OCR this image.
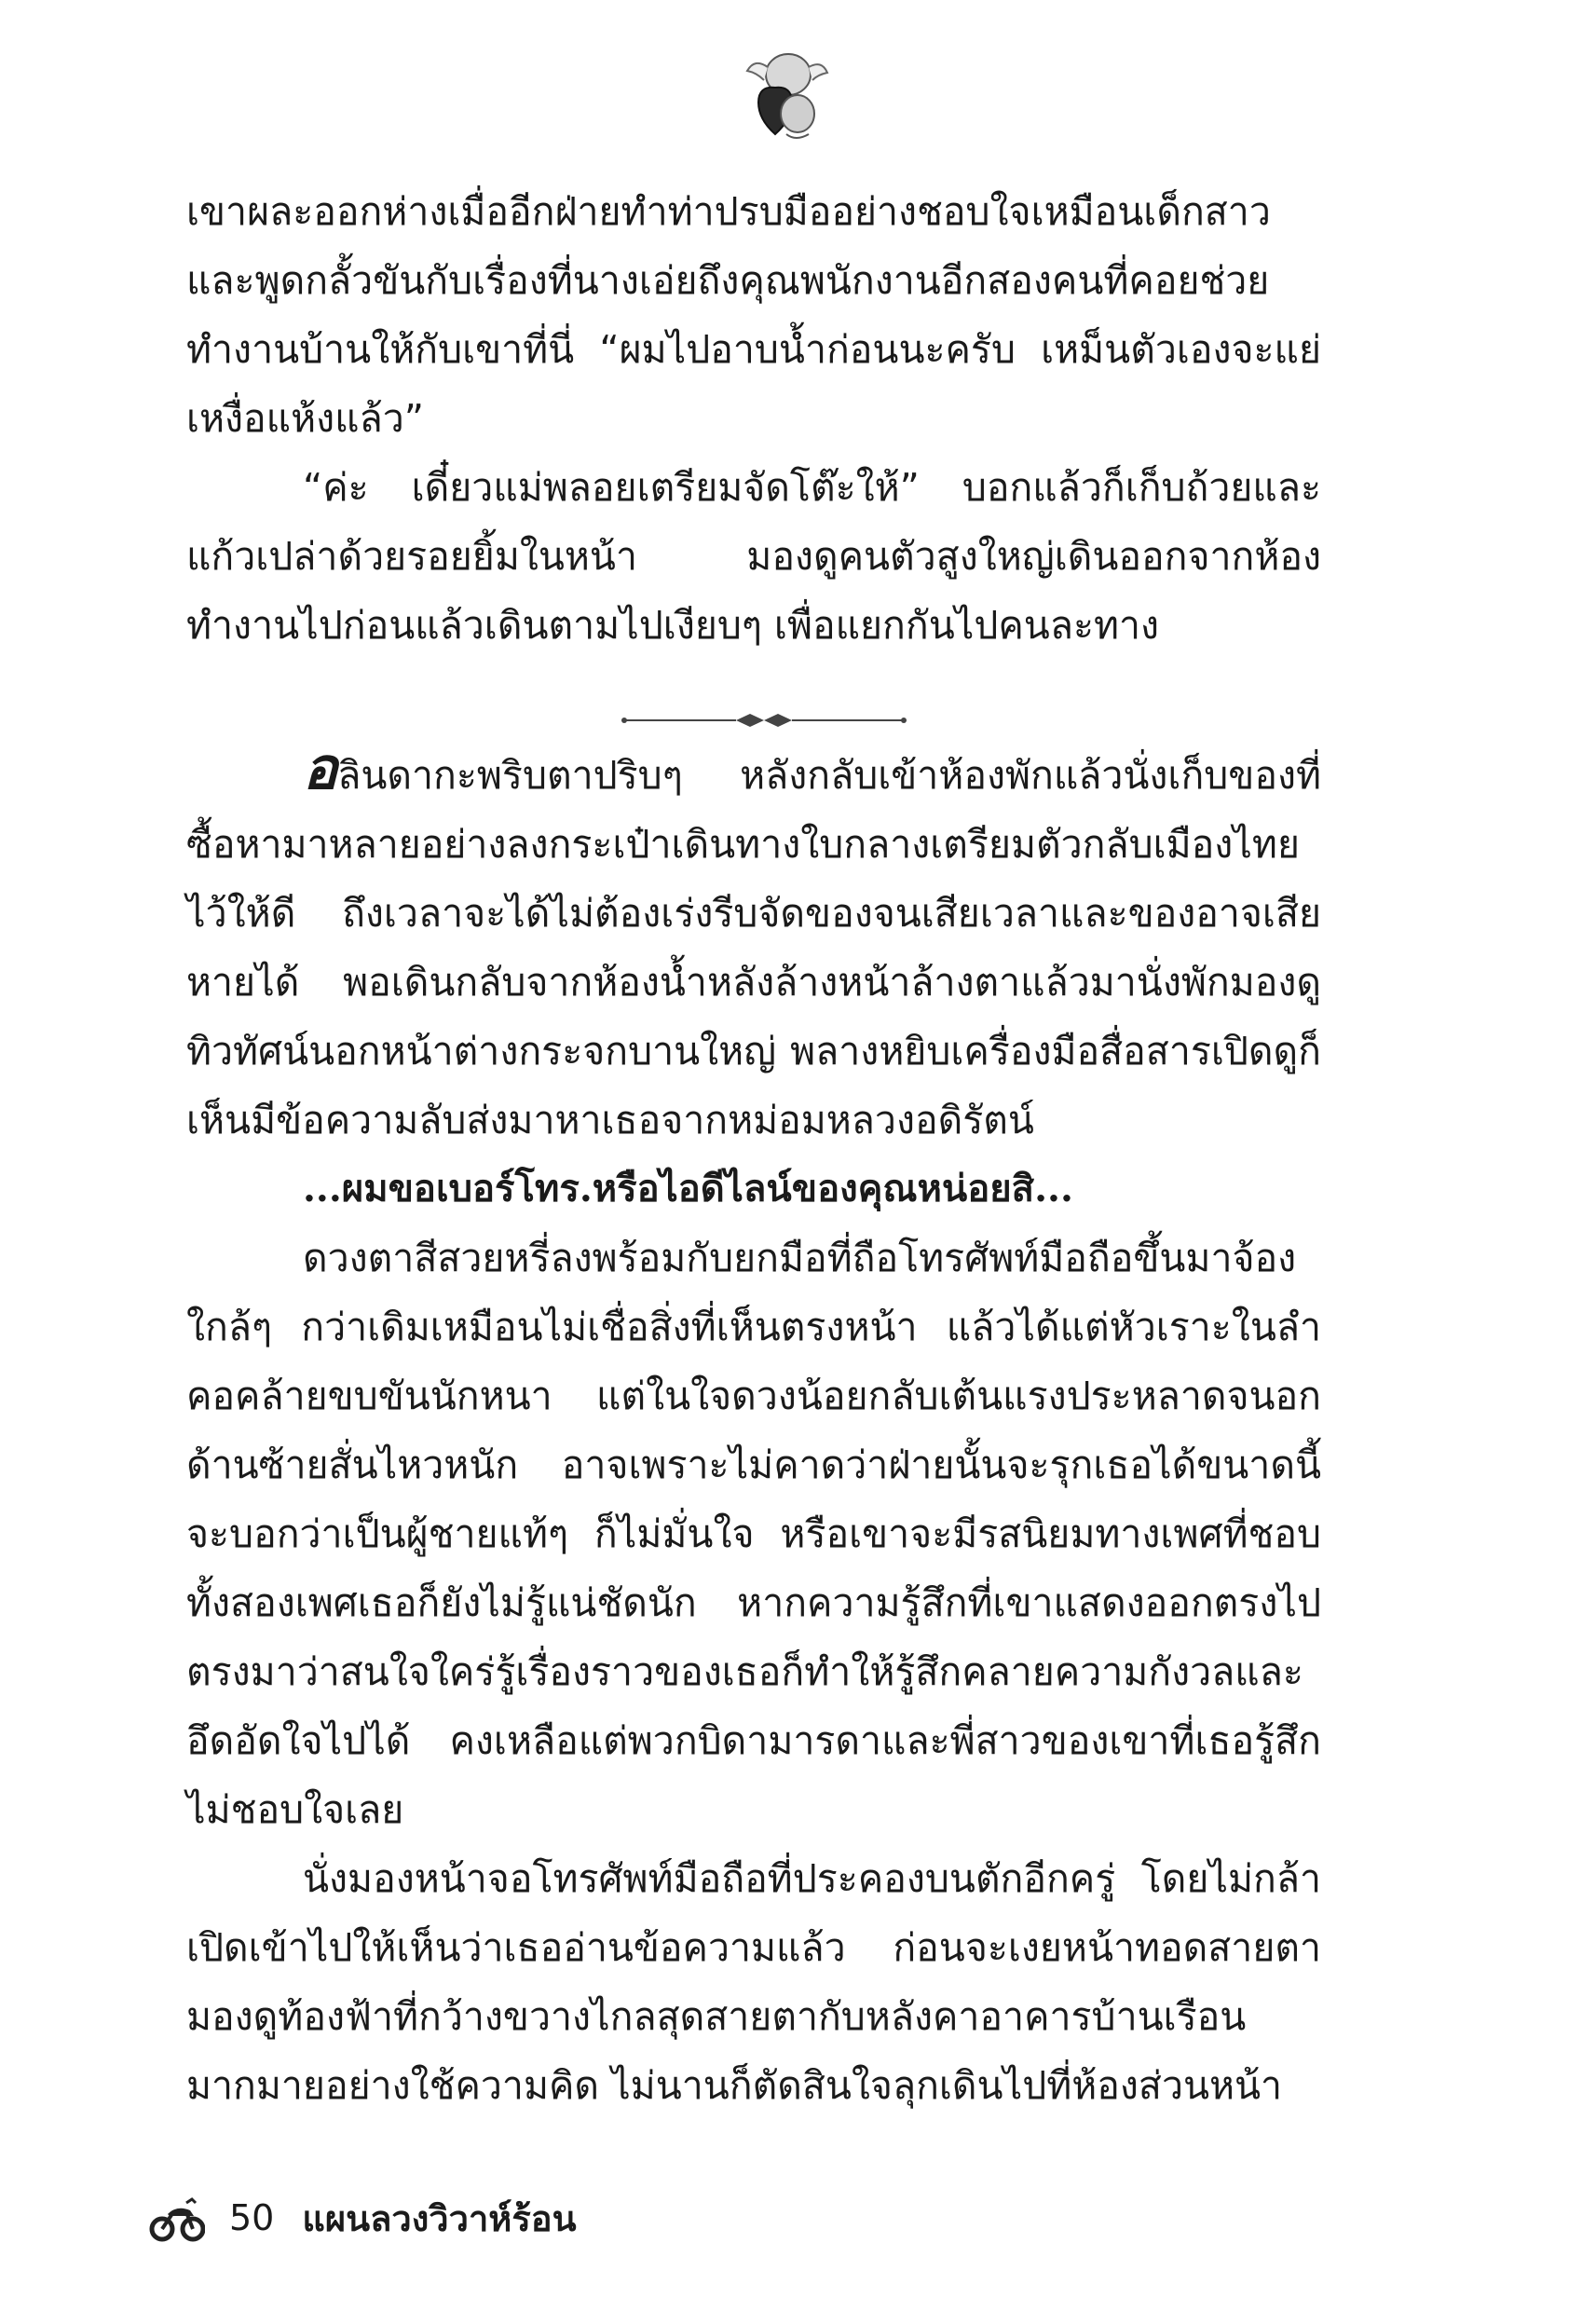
เขาผละออกห่างเมื่ออีกฝ่ายทำท่าปรบมืออย่างชอบใจเหมือนเด็กสาวและพูดกลั้วขันกับเรื่องที่นางเอ่ยถึงคุณพนักงานอีกสองคนที่คอยช่วยทำงานบ้านให้กับเขาที่นี่ “ผมไปอาบน้ำก่อนนะครับ เหม็นตัวเองจะแย่เหงื่อแห้งแล้ว”

“ค่ะ เดี๋ยวแม่พลอยเตรียมจัดโต๊ะให้” บอกแล้วก็เก็บถ้วยและแก้วเปล่าด้วยรอยยิ้มในหน้า มองดูคนตัวสูงใหญ่เดินออกจากห้องทำงานไปก่อนแล้วเดินตามไปเงียบๆ เพื่อแยกกันไปคนละทาง

อลินดากะพริบตาปริบๆ หลังกลับเข้าห้องพักแล้วนั่งเก็บของที่ซื้อหามาหลายอย่างลงกระเป๋าเดินทางใบกลางเตรียมตัวกลับเมืองไทยไว้ให้ดี ถึงเวลาจะได้ไม่ต้องเร่งรีบจัดของจนเสียเวลาและของอาจเสียหายได้ พอเดินกลับจากห้องน้ำหลังล้างหน้าล้างตาแล้วมานั่งพักมองดูทิวทัศน์นอกหน้าต่างกระจกบานใหญ่ พลางหยิบเครื่องมือสื่อสารเปิดดูก็เห็นมีข้อความลับส่งมาหาเธอจากหม่อมหลวงอดิรัตน์

...ผมขอเบอร์โทร.หรือไอดีไลน์ของคุณหน่อยสิ...

ดวงตาสีสวยหรี่ลงพร้อมกับยกมือที่ถือโทรศัพท์มือถือขึ้นมาจ้องใกล้ๆ กว่าเดิมเหมือนไม่เชื่อสิ่งที่เห็นตรงหน้า แล้วได้แต่หัวเราะในลำคอคล้ายขบขันนักหนา แต่ในใจดวงน้อยกลับเต้นแรงประหลาดจนอกด้านซ้ายสั่นไหวหนัก อาจเพราะไม่คาดว่าฝ่ายนั้นจะรุกเธอได้ขนาดนี้ จะบอกว่าเป็นผู้ชายแท้ๆ ก็ไม่มั่นใจ หรือเขาจะมีรสนิยมทางเพศที่ชอบทั้งสองเพศเธอก็ยังไม่รู้แน่ชัดนัก หากความรู้สึกที่เขาแสดงออกตรงไปตรงมาว่าสนใจใคร่รู้เรื่องราวของเธอก็ทำให้รู้สึกคลายความกังวลและอึดอัดใจไปได้ คงเหลือแต่พวกบิดามารดาและพี่สาวของเขาที่เธอรู้สึกไม่ชอบใจเลย

นั่งมองหน้าจอโทรศัพท์มือถือที่ประคองบนตักอีกครู่ โดยไม่กล้าเปิดเข้าไปให้เห็นว่าเธออ่านข้อความแล้ว ก่อนจะเงยหน้าทอดสายตามองดูท้องฟ้าที่กว้างขวางไกลสุดสายตากับหลังคาอาคารบ้านเรือนมากมายอย่างใช้ความคิด ไม่นานก็ตัดสินใจลุกเดินไปที่ห้องส่วนหน้า

50 แผนลวงวิวาห์ร้อน
